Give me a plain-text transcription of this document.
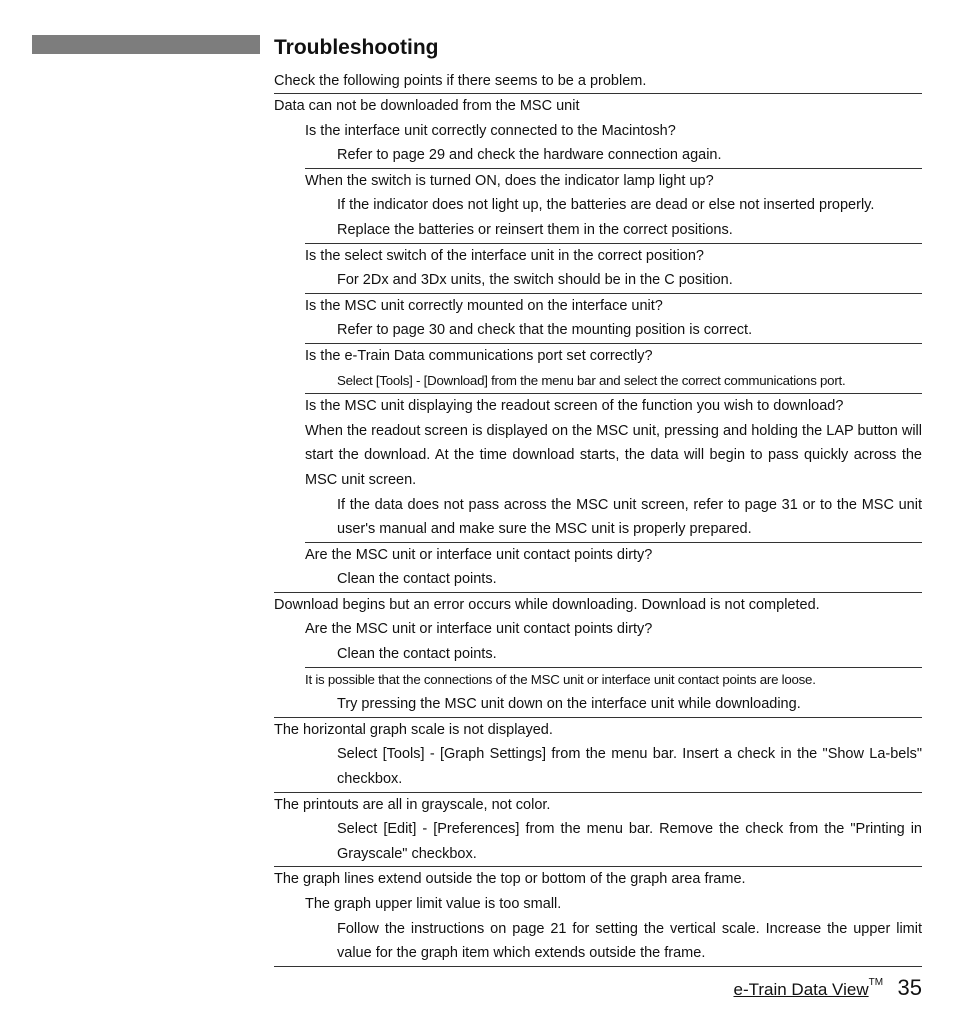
Troubleshooting
Check the following points if there seems to be a problem.
Data can not be downloaded from the MSC unit
Is the interface unit correctly connected to the Macintosh?
Refer to page 29 and check the hardware connection again.
When the switch is turned ON, does the indicator lamp light up?
If the indicator does not light up, the batteries are dead or else not inserted properly.
Replace the batteries or reinsert them in the correct positions.
Is the select switch of the interface unit in the correct position?
For 2Dx and 3Dx units, the switch should be in the C position.
Is the MSC unit correctly mounted on the interface unit?
Refer to page 30 and check that the mounting position is correct.
Is the e-Train Data communications port set correctly?
Select [Tools] - [Download] from the menu bar and select the correct communications port.
Is the MSC unit displaying the readout screen of the function you wish to download?
When the readout screen is displayed on the MSC unit, pressing and holding the LAP button will start the download. At the time download starts, the data will begin to pass quickly across the MSC unit screen.
If the data does not pass across the MSC unit screen, refer to page 31 or to the MSC unit user's manual and make sure the MSC unit is properly prepared.
Are the MSC unit or interface unit contact points dirty?
Clean the contact points.
Download begins but an error occurs while downloading. Download is not completed.
Are the MSC unit or interface unit contact points dirty?
Clean the contact points.
It is possible that the connections of the MSC unit or interface unit contact points are loose.
Try pressing the MSC unit down on the interface unit while downloading.
The horizontal graph scale is not displayed.
Select [Tools] - [Graph Settings] from the menu bar. Insert a check in the "Show La-bels" checkbox.
The printouts are all in grayscale, not color.
Select [Edit] - [Preferences] from the menu bar. Remove the check from the "Printing in Grayscale" checkbox.
The graph lines extend outside the top or bottom of the graph area frame.
The graph upper limit value is too small.
Follow the instructions on page 21 for setting the vertical scale. Increase the upper limit value for the graph item which extends outside the frame.
e-Train Data View™ 35
